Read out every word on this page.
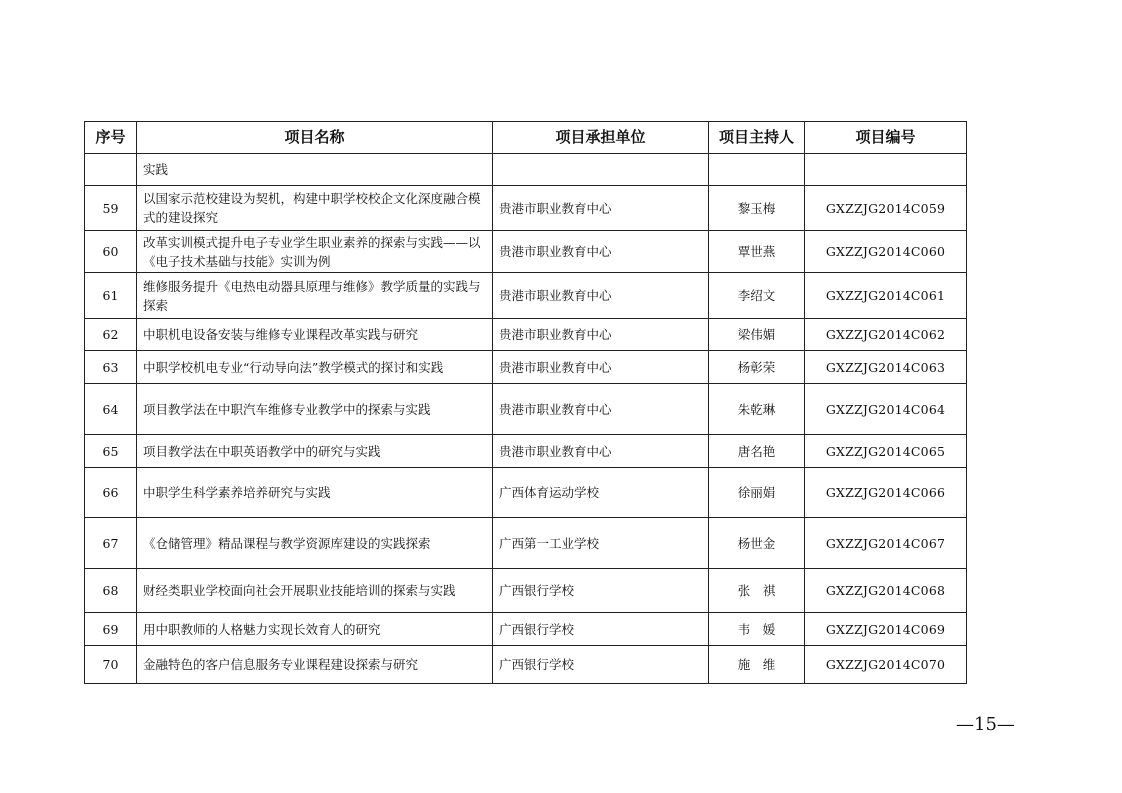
序号	项目名称	项目承担单位	项目主持人	项目编号
	实践			
59	以国家示范校建设为契机，构建中职学校校企文化深度融合模式的建设探究	贵港市职业教育中心	黎玉梅	GXZZJG2014C059
60	改革实训模式提升电子专业学生职业素养的探索与实践——以《电子技术基础与技能》实训为例	贵港市职业教育中心	覃世燕	GXZZJG2014C060
61	维修服务提升《电热电动器具原理与维修》教学质量的实践与探索	贵港市职业教育中心	李绍文	GXZZJG2014C061
62	中职机电设备安装与维修专业课程改革实践与研究	贵港市职业教育中心	梁伟媚	GXZZJG2014C062
63	中职学校机电专业“行动导向法”教学模式的探讨和实践	贵港市职业教育中心	杨彰荣	GXZZJG2014C063
64	项目教学法在中职汽车维修专业教学中的探索与实践	贵港市职业教育中心	朱乾琳	GXZZJG2014C064
65	项目教学法在中职英语教学中的研究与实践	贵港市职业教育中心	唐名艳	GXZZJG2014C065
66	中职学生科学素养培养研究与实践	广西体育运动学校	徐丽娟	GXZZJG2014C066
67	《仓储管理》精品课程与教学资源库建设的实践探索	广西第一工业学校	杨世金	GXZZJG2014C067
68	财经类职业学校面向社会开展职业技能培训的探索与实践	广西银行学校	张　祺	GXZZJG2014C068
69	用中职教师的人格魅力实现长效育人的研究	广西银行学校	韦　媛	GXZZJG2014C069
70	金融特色的客户信息服务专业课程建设探索与研究	广西银行学校	施　维	GXZZJG2014C070
—15—
